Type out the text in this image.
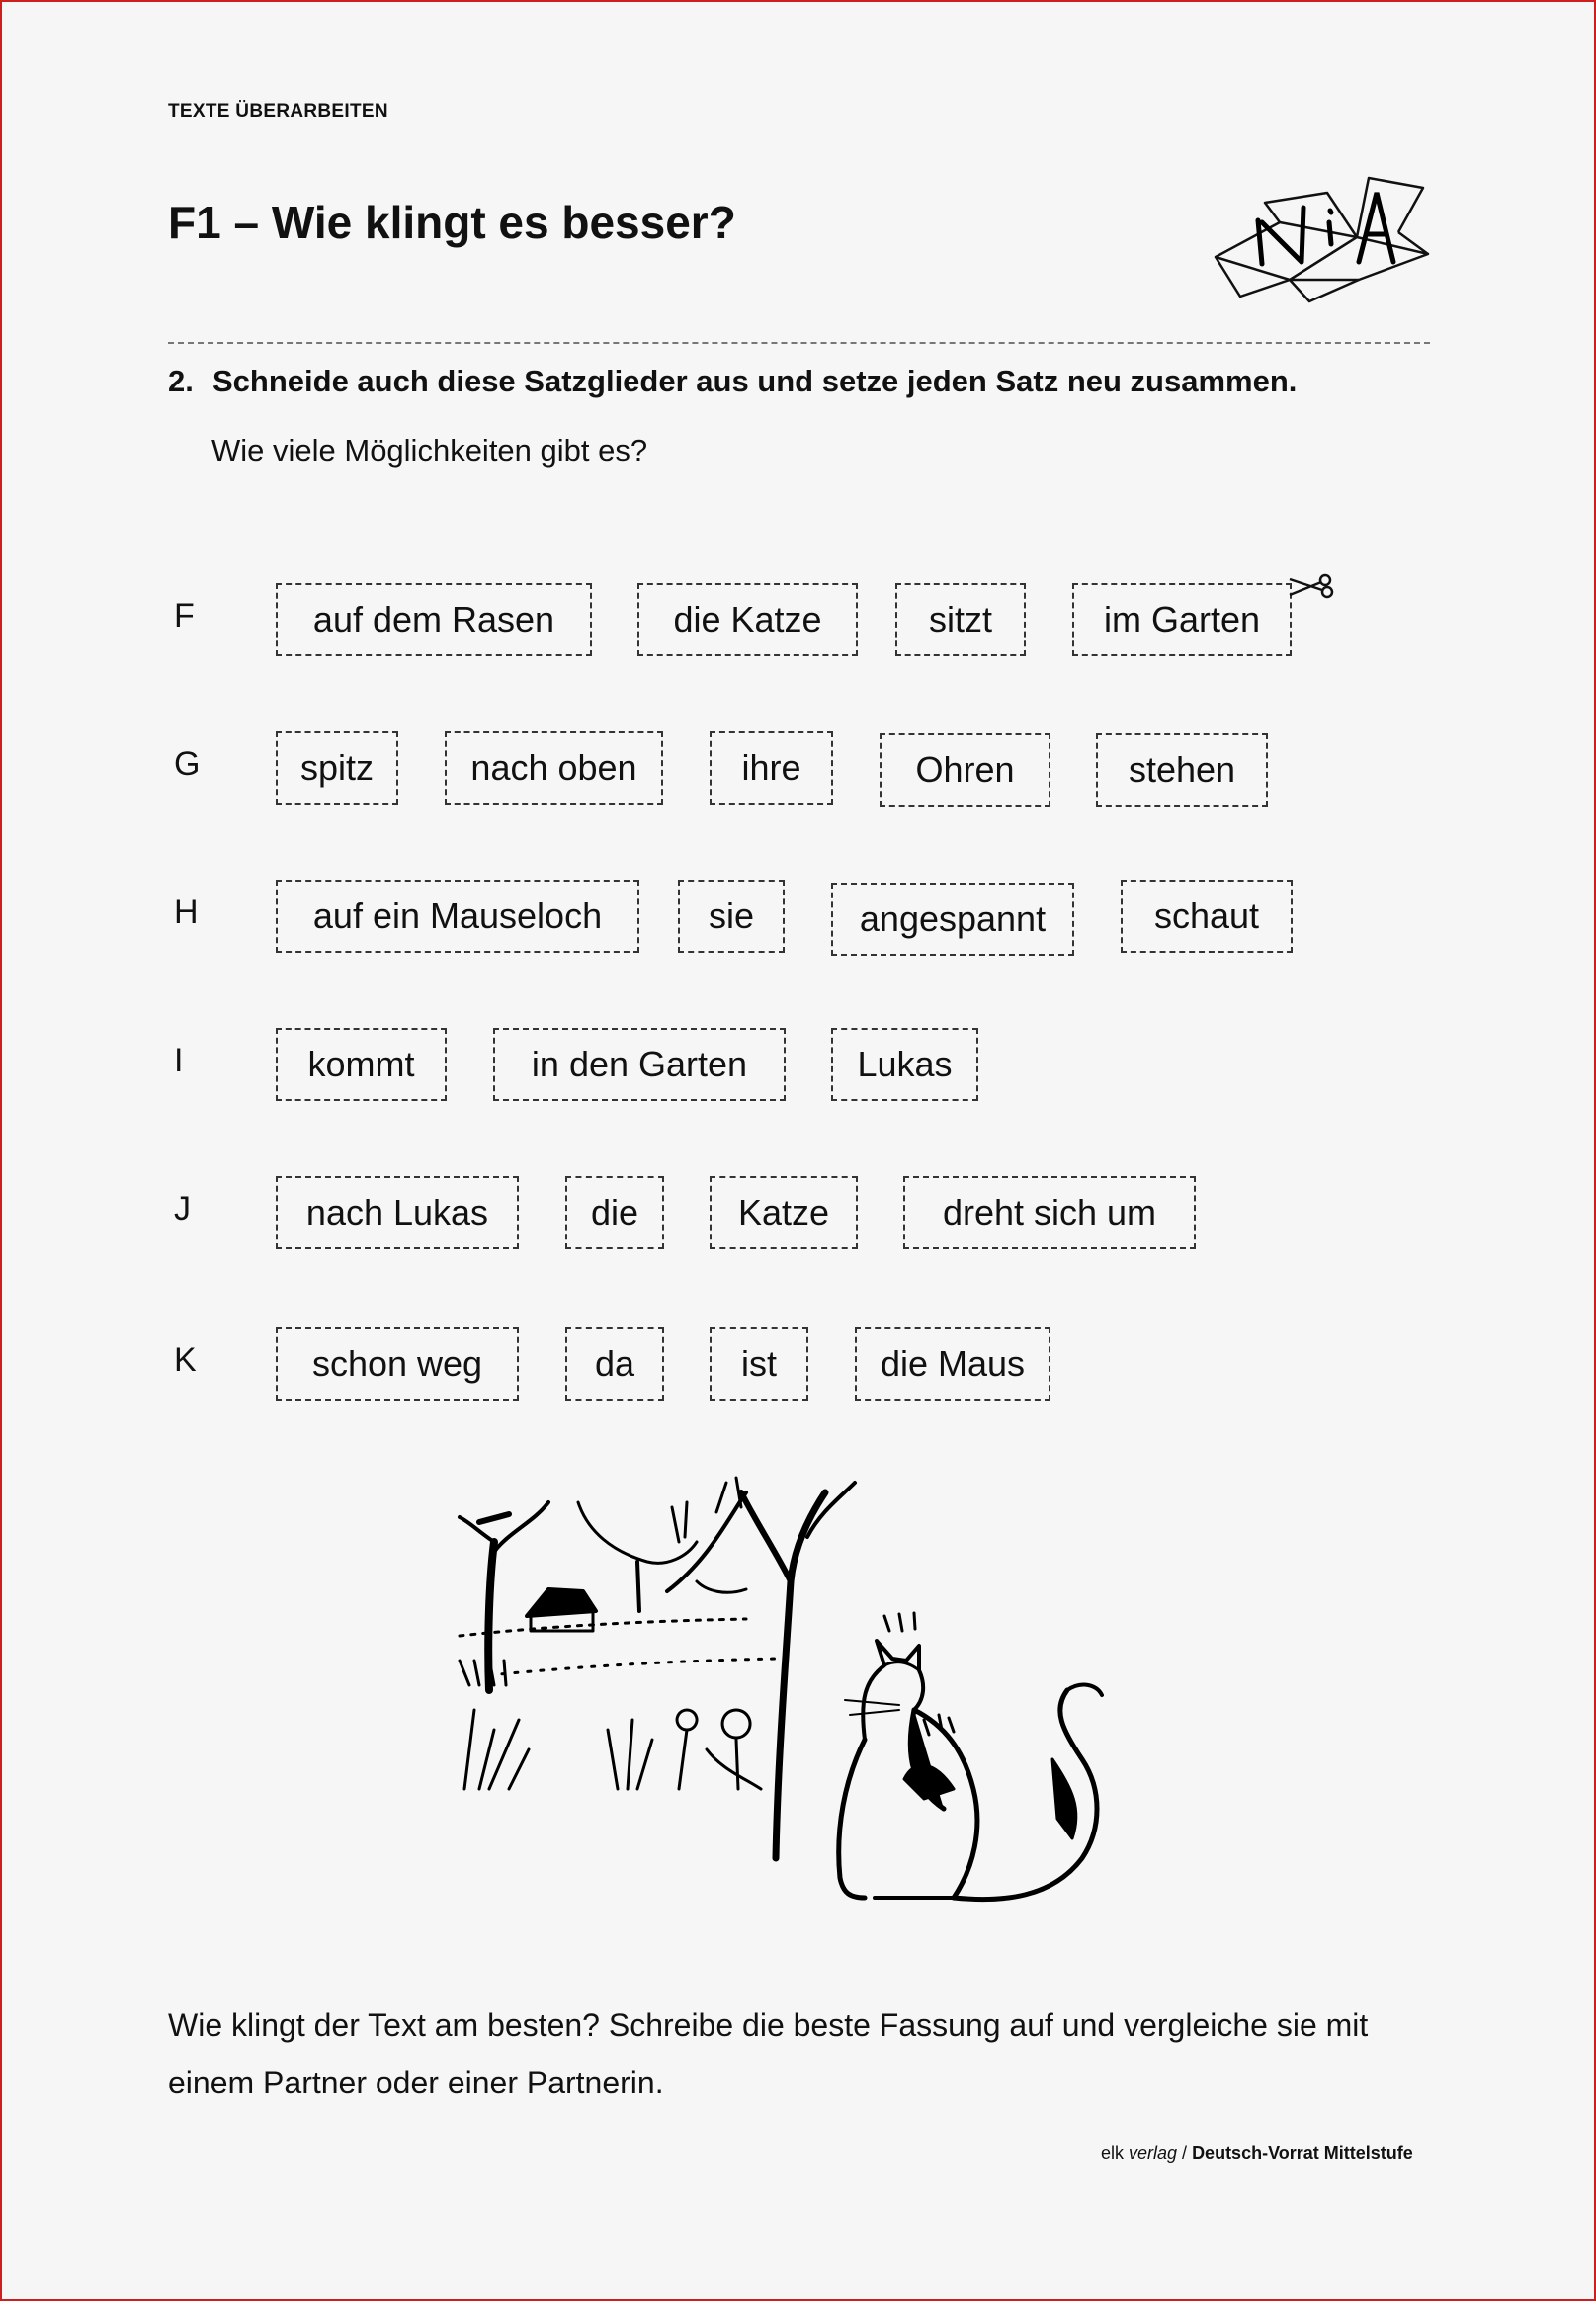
TEXTE ÜBERARBEITEN
F1 – Wie klingt es besser?
2. Schneide auch diese Satzglieder aus und setze jeden Satz neu zusammen.
Wie viele Möglichkeiten gibt es?
F
G
H
I
J
K
auf dem Rasen	die Katze	sitzt	im Garten
spitz	nach oben	ihre	Ohren	stehen
auf ein Mauseloch	sie	angespannt	schaut
kommt	in den Garten	Lukas
nach Lukas	die	Katze	dreht sich um
schon weg	da	ist	die Maus
Wie klingt der Text am besten? Schreibe die beste Fassung auf und vergleiche sie mit einem Partner oder einer Partnerin.
elk verlag / Deutsch-Vorrat Mittelstufe
